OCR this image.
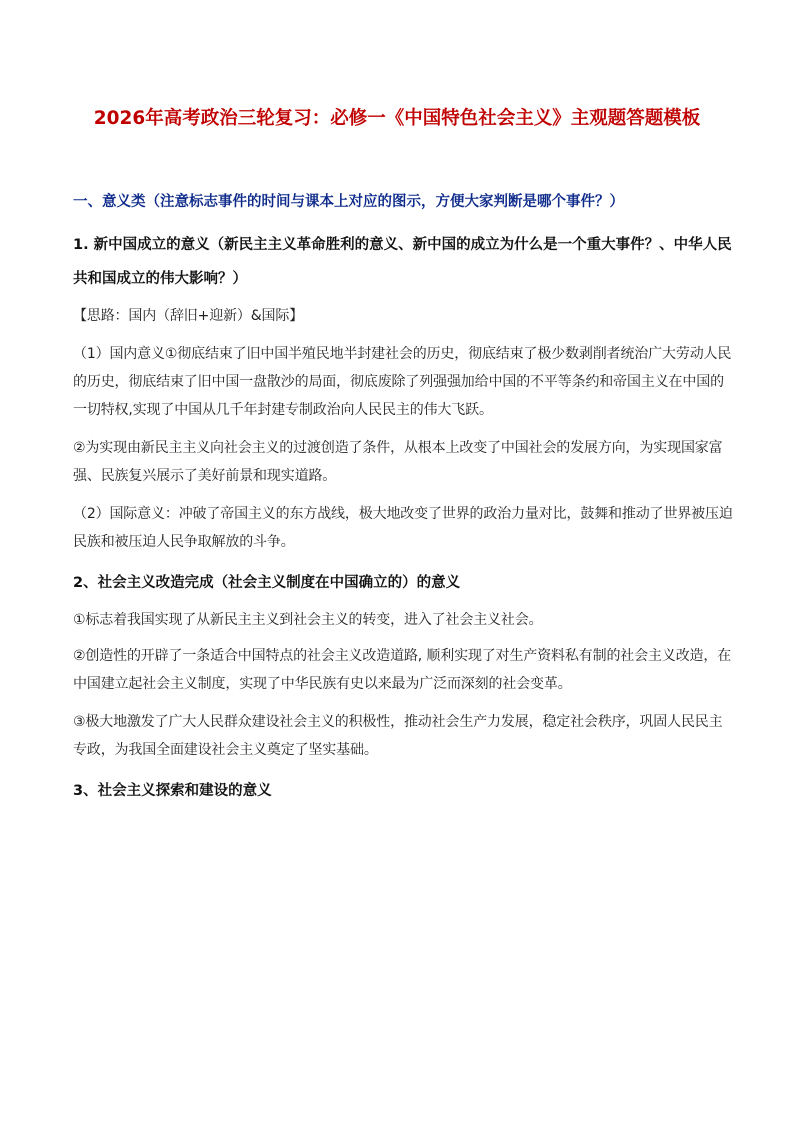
2026年高考政治三轮复习：必修一《中国特色社会主义》主观题答题模板
一、意义类（注意标志事件的时间与课本上对应的图示，方便大家判断是哪个事件？）
1. 新中国成立的意义（新民主主义革命胜利的意义、新中国的成立为什么是一个重大事件？、中华人民共和国成立的伟大影响？）
【思路：国内（辞旧+迎新）&国际】
（1）国内意义①彻底结束了旧中国半殖民地半封建社会的历史，彻底结束了极少数剥削者统治广大劳动人民的历史，彻底结束了旧中国一盘散沙的局面，彻底废除了列强强加给中国的不平等条约和帝国主义在中国的一切特权,实现了中国从几千年封建专制政治向人民民主的伟大飞跃。
②为实现由新民主主义向社会主义的过渡创造了条件，从根本上改变了中国社会的发展方向，为实现国家富强、民族复兴展示了美好前景和现实道路。
（2）国际意义：冲破了帝国主义的东方战线，极大地改变了世界的政治力量对比，鼓舞和推动了世界被压迫民族和被压迫人民争取解放的斗争。
2、社会主义改造完成（社会主义制度在中国确立的）的意义
①标志着我国实现了从新民主主义到社会主义的转变，进入了社会主义社会。
②创造性的开辟了一条适合中国特点的社会主义改造道路, 顺利实现了对生产资料私有制的社会主义改造，在中国建立起社会主义制度，实现了中华民族有史以来最为广泛而深刻的社会变革。
③极大地激发了广大人民群众建设社会主义的积极性，推动社会生产力发展，稳定社会秩序，巩固人民民主专政，为我国全面建设社会主义奠定了坚实基础。
3、社会主义探索和建设的意义
